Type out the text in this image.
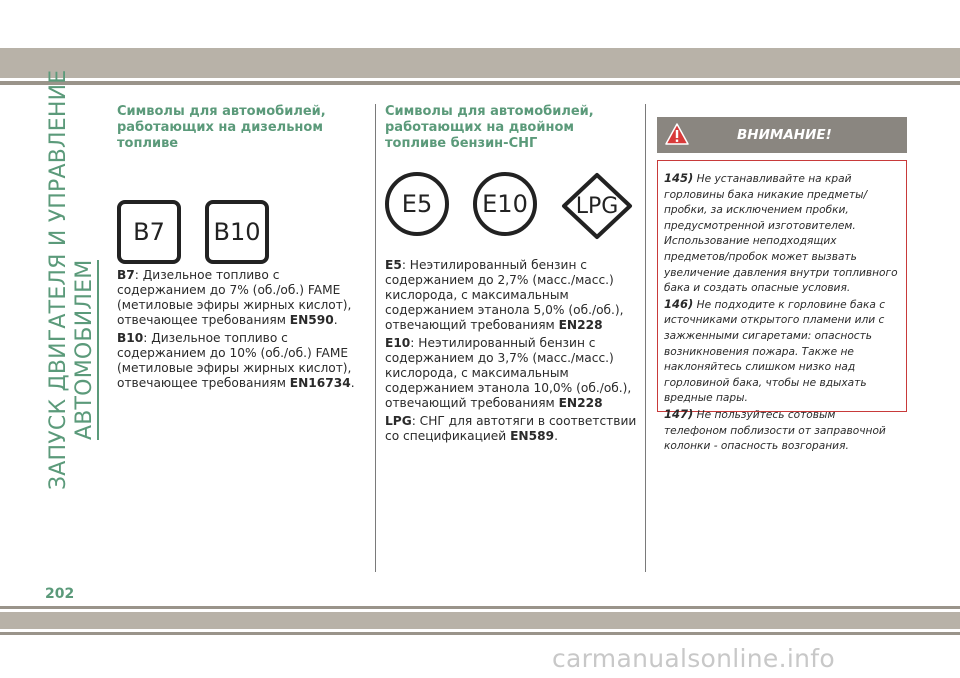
ЗАПУСК ДВИГАТЕЛЯ И УПРАВЛЕНИЕ АВТОМОБИЛЕМ
Символы для автомобилей, работающих на дизельном топливе
B7	B10

B7: Дизельное топливо с содержанием до 7% (об./об.) FAME (метиловые эфиры жирных кислот), отвечающее требованиям EN590.

B10: Дизельное топливо с содержанием до 10% (об./об.) FAME (метиловые эфиры жирных кислот), отвечающее требованиям EN16734.

Символы для автомобилей, работающих на двойном топливе бензин-СНГ
E5	E10	LPG

E5: Неэтилированный бензин с содержанием до 2,7% (масс./масс.) кислорода, с максимальным содержанием этанола 5,0% (об./об.), отвечающий требованиям EN228

E10: Неэтилированный бензин с содержанием до 3,7% (масс./масс.) кислорода, с максимальным содержанием этанола 10,0% (об./об.), отвечающий требованиям EN228

LPG: СНГ для автотяги в соответствии со спецификацией EN589.

ВНИМАНИЕ!
145) Не устанавливайте на край горловины бака никакие предметы/пробки, за исключением пробки, предусмотренной изготовителем. Использование неподходящих предметов/пробок может вызвать увеличение давления внутри топливного бака и создать опасные условия.
146) Не подходите к горловине бака с источниками открытого пламени или с зажженными сигаретами: опасность возникновения пожара. Также не наклоняйтесь слишком низко над горловиной бака, чтобы не вдыхать вредные пары.
147) Не пользуйтесь сотовым телефоном поблизости от заправочной колонки - опасность возгорания.
202
carmanualsonline.info
